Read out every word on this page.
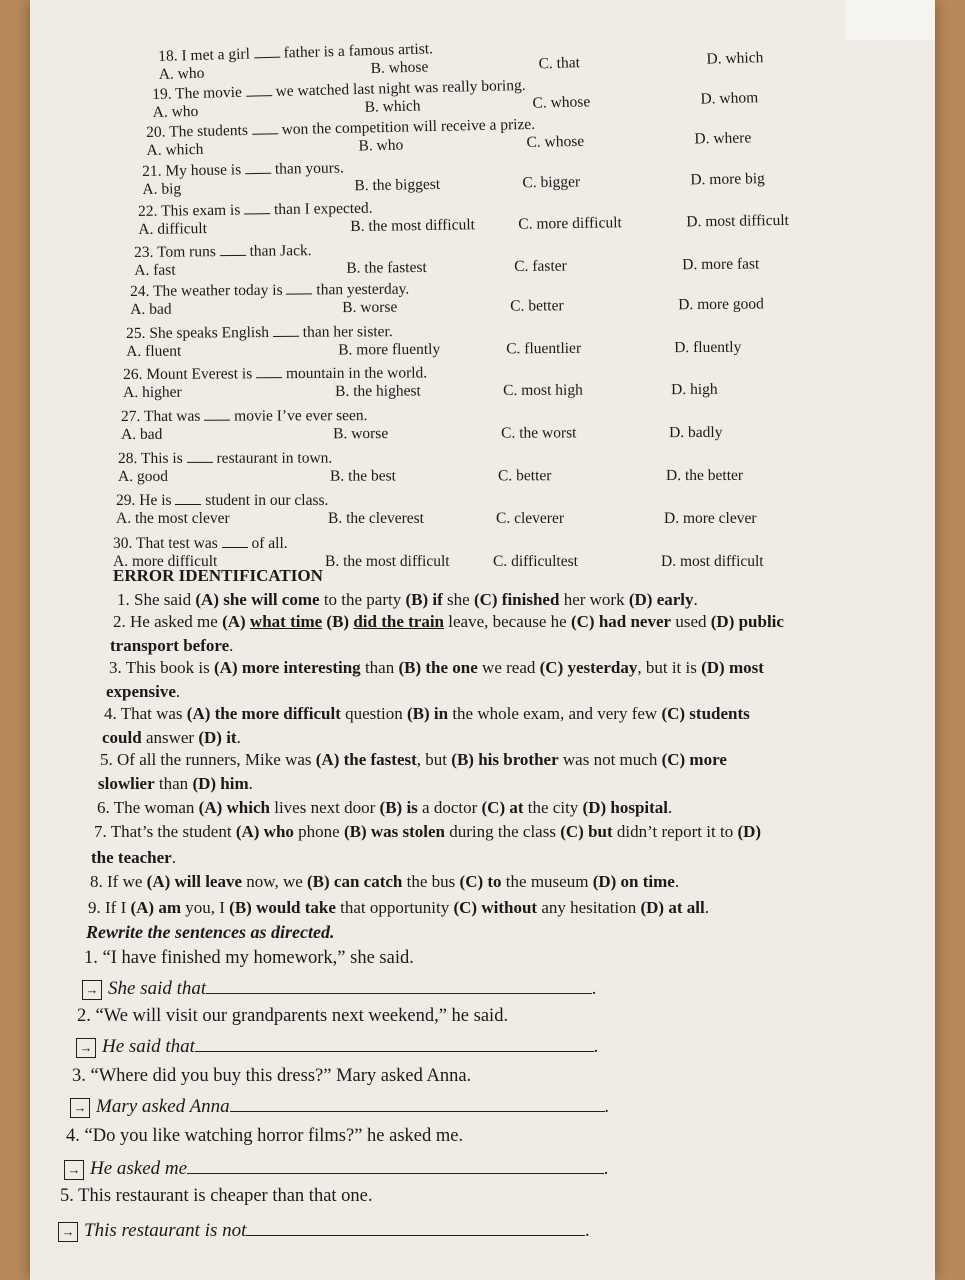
18. I met a girl  father is a famous artist.
A. who	B. whose	C. that	D. which
19. The movie  we watched last night was really boring.
A. who	B. which	C. whose	D. whom
20. The students  won the competition will receive a prize.
A. which	B. who	C. whose	D. where
21. My house is  than yours.
A. big	B. the biggest	C. bigger	D. more big
22. This exam is  than I expected.
A. difficult	B. the most difficult	C. more difficult	D. most difficult
23. Tom runs  than Jack.
A. fast	B. the fastest	C. faster	D. more fast
24. The weather today is  than yesterday.
A. bad	B. worse	C. better	D. more good
25. She speaks English  than her sister.
A. fluent	B. more fluently	C. fluentlier	D. fluently
26. Mount Everest is  mountain in the world.
A. higher	B. the highest	C. most high	D. high
27. That was  movie I’ve ever seen.
A. bad	B. worse	C. the worst	D. badly
28. This is  restaurant in town.
A. good	B. the best	C. better	D. the better
29. He is  student in our class.
A. the most clever	B. the cleverest	C. cleverer	D. more clever
30. That test was  of all.
A. more difficult	B. the most difficult	C. difficultest	D. most difficult
ERROR IDENTIFICATION
1. She said (A) she will come to the party (B) if she (C) finished her work (D) early.
2. He asked me (A) what time (B) did the train leave, because he (C) had never used (D) public
transport before.
3. This book is (A) more interesting than (B) the one we read (C) yesterday, but it is (D) most
expensive.
4. That was (A) the more difficult question (B) in the whole exam, and very few (C) students
could answer (D) it.
5. Of all the runners, Mike was (A) the fastest, but (B) his brother was not much (C) more
slowlier than (D) him.
6. The woman (A) which lives next door (B) is a doctor (C) at the city (D) hospital.
7. That’s the student (A) who phone (B) was stolen during the class (C) but didn’t report it to (D)
the teacher.
8. If we (A) will leave now, we (B) can catch the bus (C) to the museum (D) on time.
9. If I (A) am you, I (B) would take that opportunity (C) without any hesitation (D) at all.
Rewrite the sentences as directed.
1. “I have finished my homework,” she said.
→ She said that	.
2. “We will visit our grandparents next weekend,” he said.
→ He said that	.
3. “Where did you buy this dress?” Mary asked Anna.
→ Mary asked Anna	.
4. “Do you like watching horror films?” he asked me.
→ He asked me	.
5. This restaurant is cheaper than that one.
→ This restaurant is not	.
